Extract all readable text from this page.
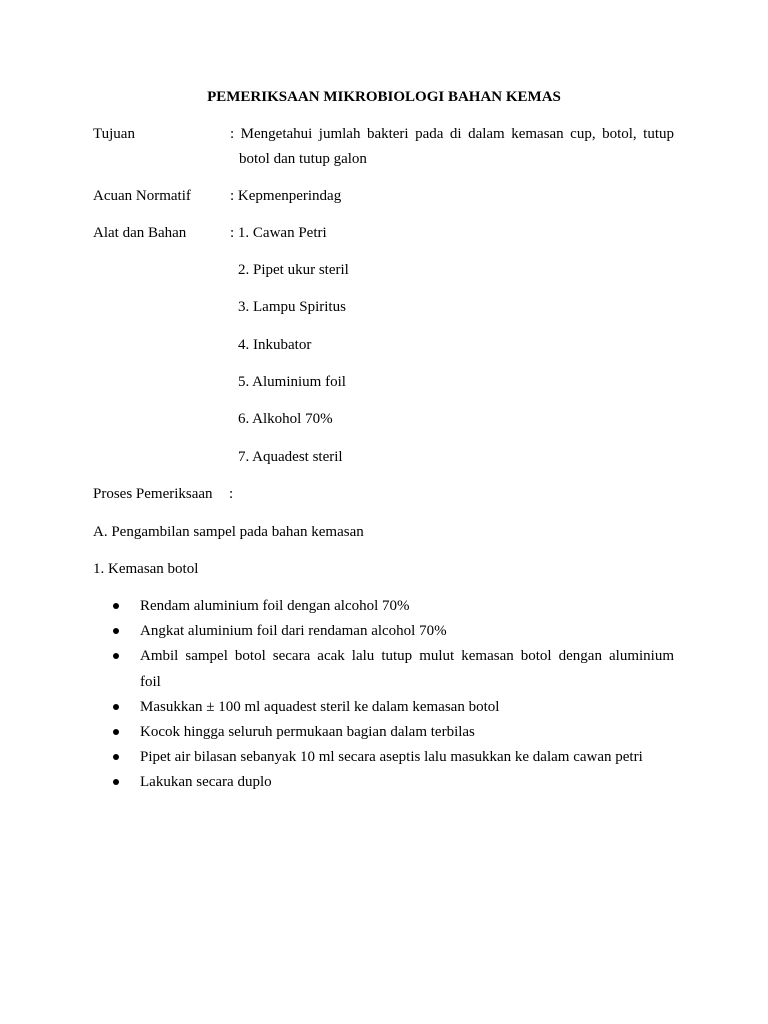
PEMERIKSAAN MIKROBIOLOGI BAHAN KEMAS
Tujuan	: Mengetahui jumlah bakteri pada di dalam kemasan cup, botol, tutup
botol dan tutup galon
Acuan Normatif	: Kepmenperindag
Alat dan Bahan	: 1. Cawan Petri
2. Pipet ukur steril
3. Lampu Spiritus
4. Inkubator
5. Aluminium foil
6. Alkohol 70%
7. Aquadest steril
Proses Pemeriksaan :
A. Pengambilan sampel pada bahan kemasan
1. Kemasan botol
Rendam aluminium foil dengan alcohol 70%
Angkat aluminium foil dari rendaman alcohol 70%
Ambil sampel botol secara acak lalu tutup mulut kemasan botol dengan aluminium
foil
Masukkan ± 100 ml aquadest steril ke dalam kemasan botol
Kocok hingga seluruh permukaan bagian dalam terbilas
Pipet air bilasan sebanyak 10 ml secara aseptis lalu masukkan ke dalam cawan petri
Lakukan secara duplo
